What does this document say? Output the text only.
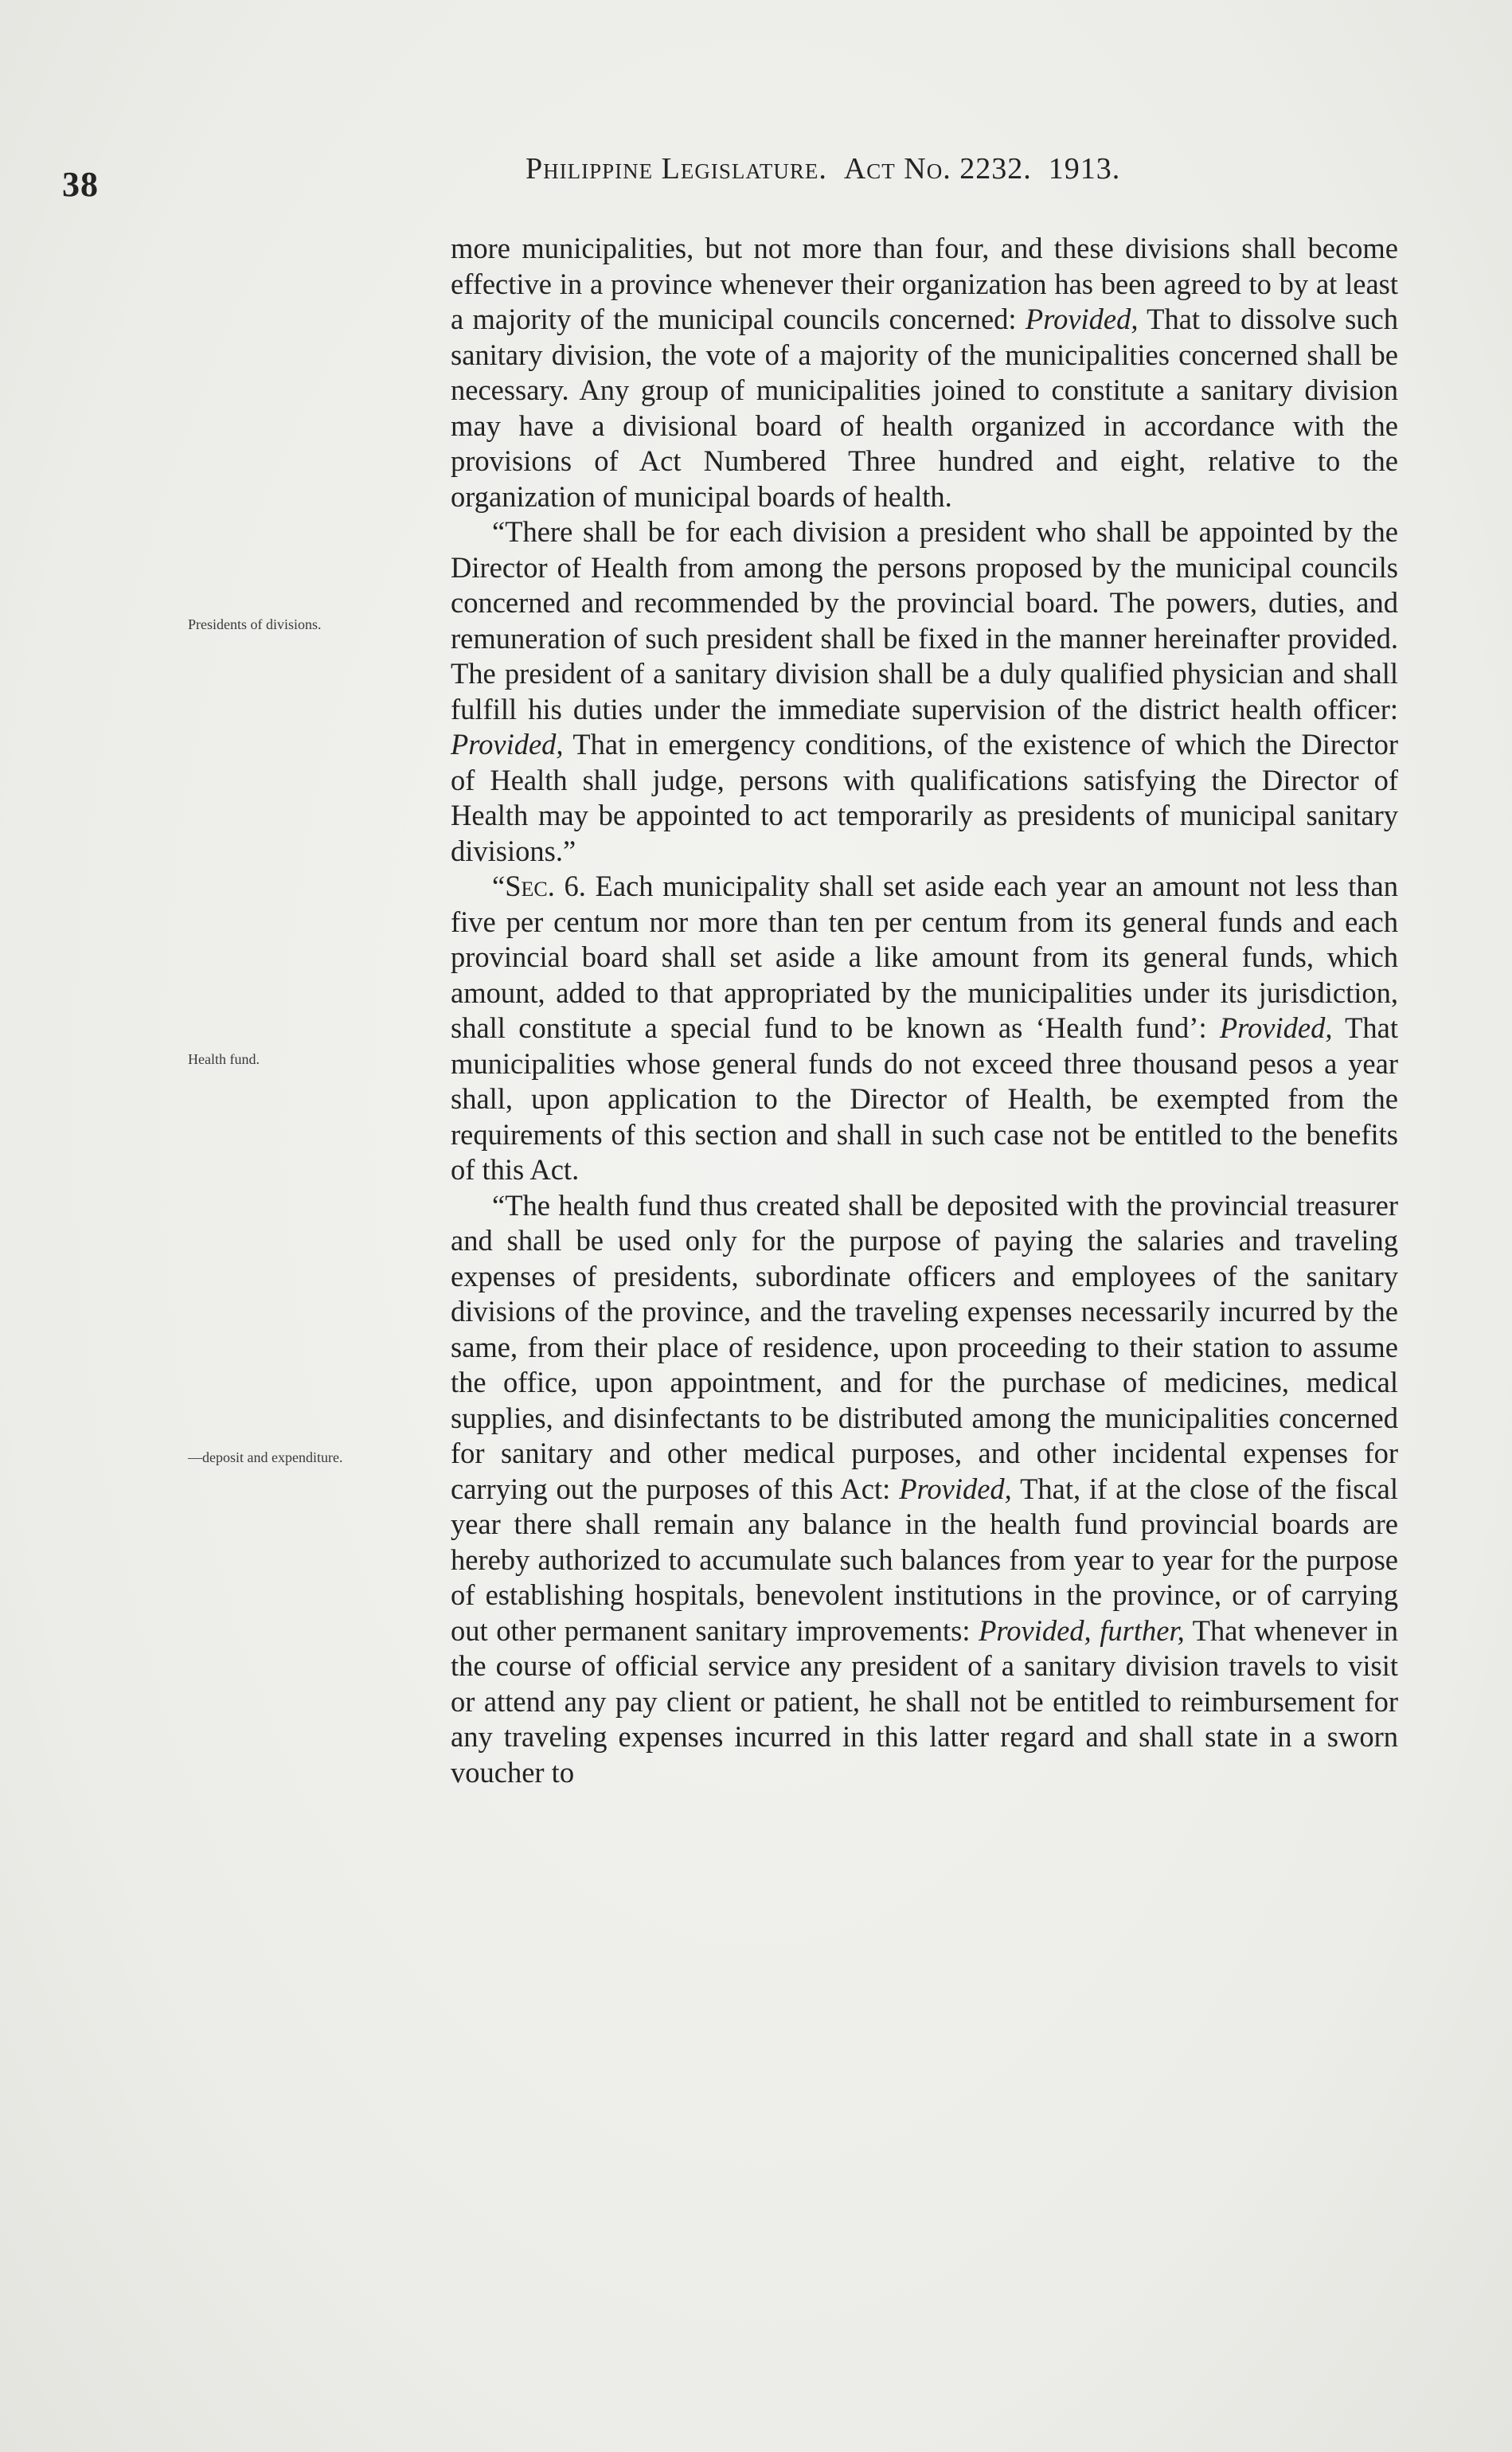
38	Philippine Legislature. Act No. 2232. 1913.
Presidents of divisions.
Health fund.
—deposit and expenditure.

more municipalities, but not more than four, and these divisions shall become effective in a province whenever their organization has been agreed to by at least a majority of the municipal councils concerned: Provided, That to dissolve such sanitary division, the vote of a majority of the municipalities concerned shall be necessary. Any group of municipalities joined to constitute a sanitary division may have a divisional board of health organized in accordance with the provisions of Act Numbered Three hundred and eight, relative to the organization of municipal boards of health.

“There shall be for each division a president who shall be appointed by the Director of Health from among the persons proposed by the municipal councils concerned and recommended by the provincial board. The powers, duties, and remuneration of such president shall be fixed in the manner hereinafter provided. The president of a sanitary division shall be a duly qualified physician and shall fulfill his duties under the immediate supervision of the district health officer: Provided, That in emergency conditions, of the existence of which the Director of Health shall judge, persons with qualifications satisfying the Director of Health may be appointed to act temporarily as presidents of municipal sanitary divisions.”

“Sec. 6. Each municipality shall set aside each year an amount not less than five per centum nor more than ten per centum from its general funds and each provincial board shall set aside a like amount from its general funds, which amount, added to that appropriated by the municipalities under its jurisdiction, shall constitute a special fund to be known as ‘Health fund’: Provided, That municipalities whose general funds do not exceed three thousand pesos a year shall, upon application to the Director of Health, be exempted from the requirements of this section and shall in such case not be entitled to the benefits of this Act.

“The health fund thus created shall be deposited with the provincial treasurer and shall be used only for the purpose of paying the salaries and traveling expenses of presidents, subordinate officers and employees of the sanitary divisions of the province, and the traveling expenses necessarily incurred by the same, from their place of residence, upon proceeding to their station to assume the office, upon appointment, and for the purchase of medicines, medical supplies, and disinfectants to be distributed among the municipalities concerned for sanitary and other medical purposes, and other incidental expenses for carrying out the purposes of this Act: Provided, That, if at the close of the fiscal year there shall remain any balance in the health fund provincial boards are hereby authorized to accumulate such balances from year to year for the purpose of establishing hospitals, benevolent institutions in the province, or of carrying out other permanent sanitary improvements: Provided, further, That whenever in the course of official service any president of a sanitary division travels to visit or attend any pay client or patient, he shall not be entitled to reimbursement for any traveling expenses incurred in this latter regard and shall state in a sworn voucher to
